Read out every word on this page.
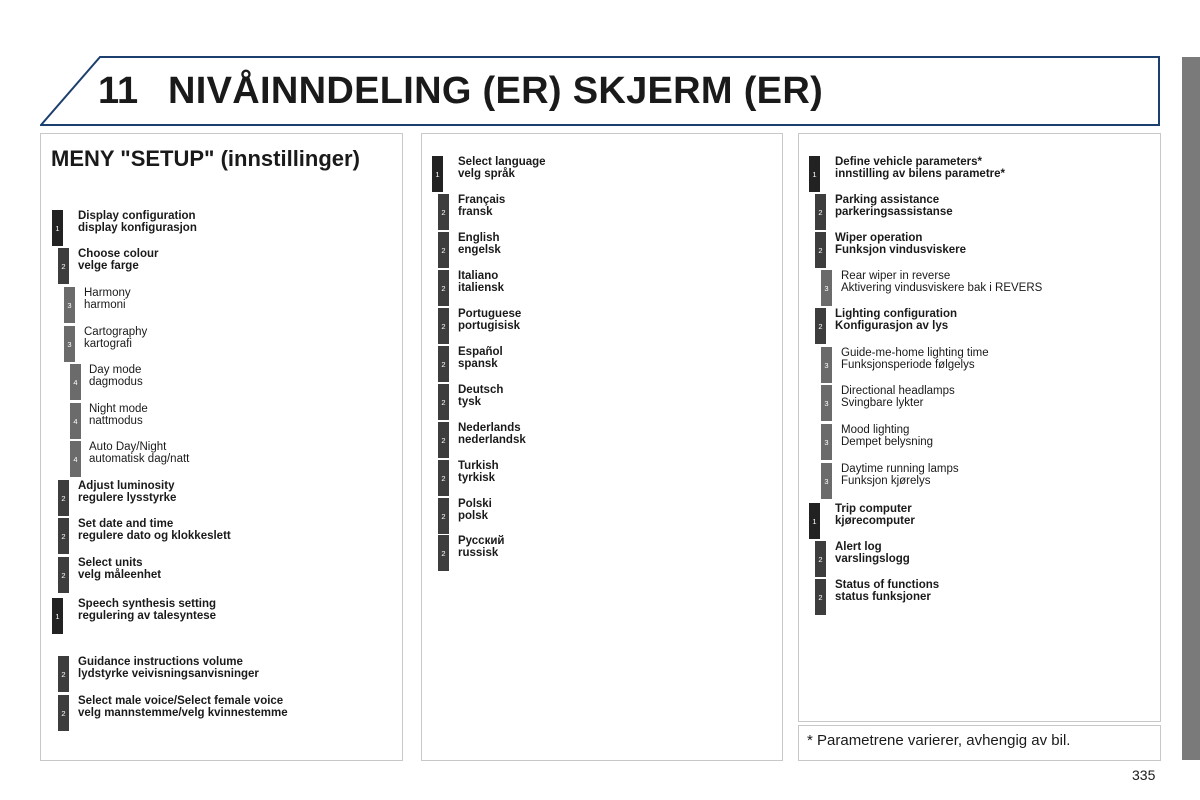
11 NIVÅINNDELING (ER) SKJERM (ER)
MENY "SETUP" (innstillinger)
1
Display configuration
display konfigurasjon
2
Choose colour
velge farge
3
Harmony
harmoni
3
Cartography
kartografi
4
Day mode
dagmodus
4
Night mode
nattmodus
4
Auto Day/Night
automatisk dag/natt
2
Adjust luminosity
regulere lysstyrke
2
Set date and time
regulere dato og klokkeslett
2
Select units
velg måleenhet
1
Speech synthesis setting
regulering av talesyntese
2
Guidance instructions volume
lydstyrke veivisningsanvisninger
2
Select male voice/Select female voice
velg mannstemme/velg kvinnestemme
1
Select language
velg språk
2
Français
fransk
2
English
engelsk
2
Italiano
italiensk
2
Portuguese
portugisisk
2
Español
spansk
2
Deutsch
tysk
2
Nederlands
nederlandsk
2
Turkish
tyrkisk
2
Polski
polsk
2
Русский
russisk
1
Define vehicle parameters*
innstilling av bilens parametre*
2
Parking assistance
parkeringsassistanse
2
Wiper operation
Funksjon vindusviskere
3
Rear wiper in reverse
Aktivering vindusviskere bak i REVERS
2
Lighting configuration
Konfigurasjon av lys
3
Guide-me-home lighting time
Funksjonsperiode følgelys
3
Directional headlamps
Svingbare lykter
3
Mood lighting
Dempet belysning
3
Daytime running lamps
Funksjon kjørelys
1
Trip computer
kjørecomputer
2
Alert log
varslingslogg
2
Status of functions
status funksjoner
* Parametrene varierer, avhengig av bil.
335
